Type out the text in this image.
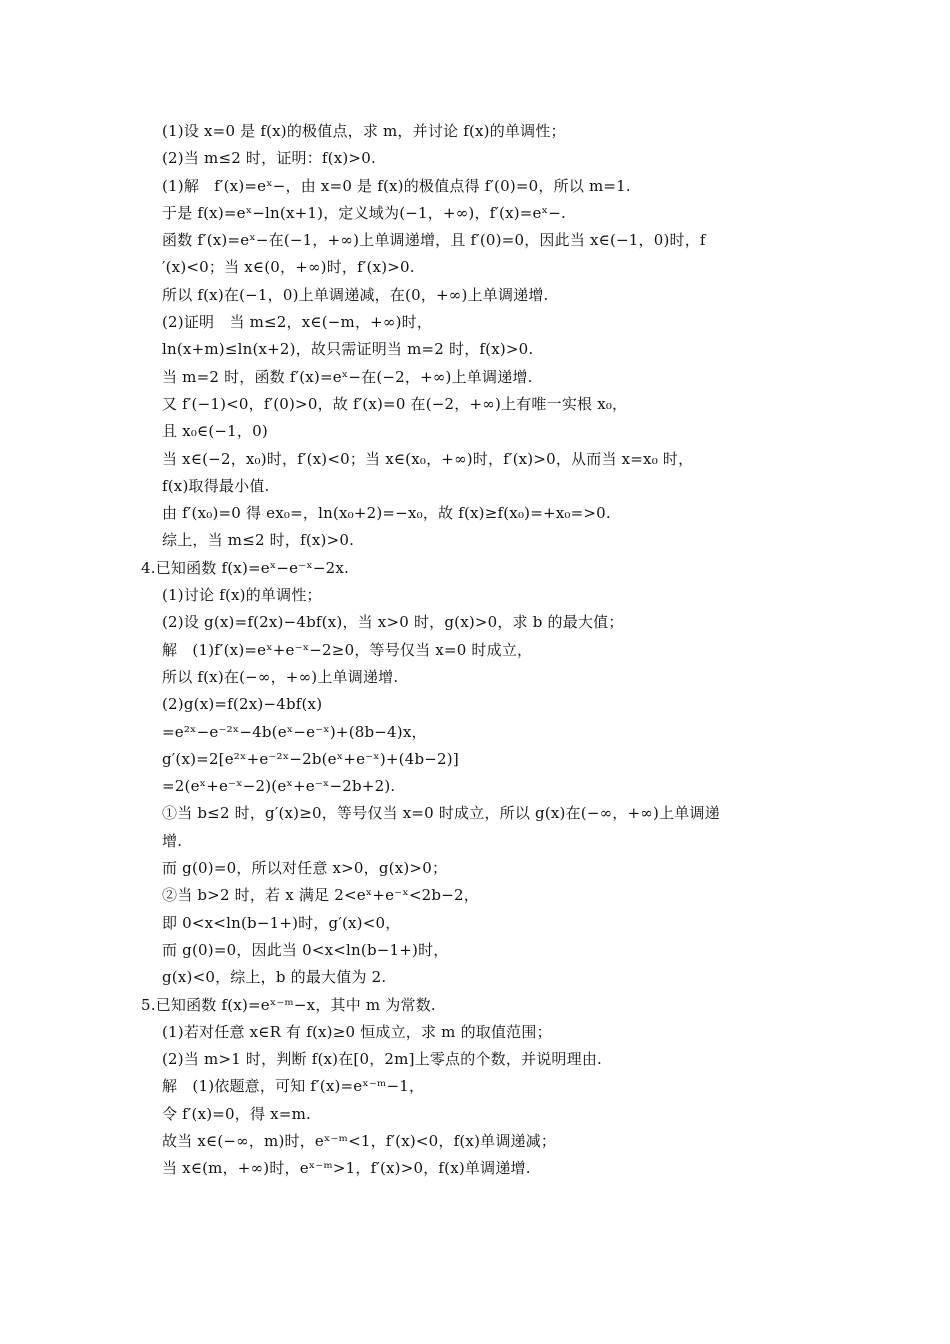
(1)设 x=0 是 f(x)的极值点，求 m，并讨论 f(x)的单调性；
(2)当 m≤2 时，证明：f(x)>0.
(1)解　f′(x)=eˣ−，由 x=0 是 f(x)的极值点得 f′(0)=0，所以 m=1.
于是 f(x)=eˣ−ln(x+1)，定义域为(−1，+∞)，f′(x)=eˣ−.
函数 f′(x)=eˣ−在(−1，+∞)上单调递增，且 f′(0)=0，因此当 x∈(−1，0)时，f
′(x)<0；当 x∈(0，+∞)时，f′(x)>0.
所以 f(x)在(−1，0)上单调递减，在(0，+∞)上单调递增.
(2)证明　当 m≤2，x∈(−m，+∞)时，
ln(x+m)≤ln(x+2)，故只需证明当 m=2 时，f(x)>0.
当 m=2 时，函数 f′(x)=eˣ−在(−2，+∞)上单调递增.
又 f′(−1)<0，f′(0)>0，故 f′(x)=0 在(−2，+∞)上有唯一实根 x₀，
且 x₀∈(−1，0)
当 x∈(−2，x₀)时，f′(x)<0；当 x∈(x₀，+∞)时，f′(x)>0，从而当 x=x₀ 时，
f(x)取得最小值.
由 f′(x₀)=0 得 ex₀=，ln(x₀+2)=−x₀，故 f(x)≥f(x₀)=+x₀=>0.
综上，当 m≤2 时，f(x)>0.
4.已知函数 f(x)=eˣ−e⁻ˣ−2x.
(1)讨论 f(x)的单调性；
(2)设 g(x)=f(2x)−4bf(x)，当 x>0 时，g(x)>0，求 b 的最大值；
解　(1)f′(x)=eˣ+e⁻ˣ−2≥0，等号仅当 x=0 时成立，
所以 f(x)在(−∞，+∞)上单调递增.
(2)g(x)=f(2x)−4bf(x)
=e²ˣ−e⁻²ˣ−4b(eˣ−e⁻ˣ)+(8b−4)x，
g′(x)=2[e²ˣ+e⁻²ˣ−2b(eˣ+e⁻ˣ)+(4b−2)]
=2(eˣ+e⁻ˣ−2)(eˣ+e⁻ˣ−2b+2).
①当 b≤2 时，g′(x)≥0，等号仅当 x=0 时成立，所以 g(x)在(−∞，+∞)上单调递
增.
而 g(0)=0，所以对任意 x>0，g(x)>0；
②当 b>2 时，若 x 满足 2<eˣ+e⁻ˣ<2b−2，
即 0<x<ln(b−1+)时，g′(x)<0，
而 g(0)=0，因此当 0<x<ln(b−1+)时，
g(x)<0，综上，b 的最大值为 2.
5.已知函数 f(x)=eˣ⁻ᵐ−x，其中 m 为常数.
(1)若对任意 x∈R 有 f(x)≥0 恒成立，求 m 的取值范围；
(2)当 m>1 时，判断 f(x)在[0，2m]上零点的个数，并说明理由.
解　(1)依题意，可知 f′(x)=eˣ⁻ᵐ−1，
令 f′(x)=0，得 x=m.
故当 x∈(−∞，m)时，eˣ⁻ᵐ<1，f′(x)<0，f(x)单调递减；
当 x∈(m，+∞)时，eˣ⁻ᵐ>1，f′(x)>0，f(x)单调递增.
